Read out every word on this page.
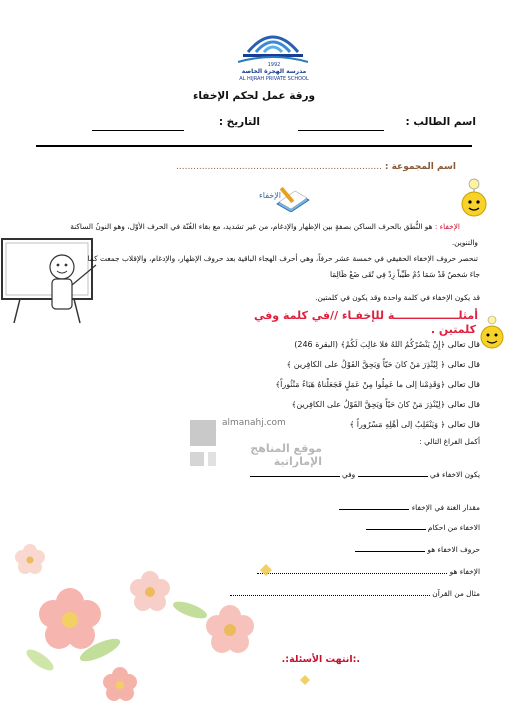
1992
مدرسة الهجرة الخاصة
AL HIJRAH PRIVATE SCHOOL
ورقة عمل لحكم الإخفاء
اسم الطالب :
التاريخ :
اسم المجموعة : ........................................................................
الإخفاء
الإخفاء : هو النُّطق بالحرف الساكن بصفةٍ بين الإظهار والإدغام، من غير تشديد، مع بقاء الغُنّة في الحرف الأوّل، وهو النونُ الساكنة
والتنوين.
تنحصر حروف الإخفاء الحقيقي في خمسة عشر حرفاً، وهي أحرف الهجاء الباقية بعد حروف الإظهار، والإدغام، والإقلاب جمعت كما
جاءَ شخصٌ قَدْ سَمَا دُمْ طَيِّباً زِدْ فِي تُقَى ضَعْ ظَالِمَا
قد يكون الإخفاء في كلمة واحدة وقد يكون في كلمتين.
أمثلـــــــــــــــــة للإخفـاء //في كلمة وفي
كلمتين .
قال تعالى ﴿إِنْ يَنْصُرْكُمُ اللهُ فلا غالِبَ لَكُمْ﴾ (البقرة 246)
قال تعالى ﴿ لِيُنْذِرَ مَنْ كانَ حَيّاً وَيَحِقَّ القَوْلُ على الكافِرين ﴾
قال تعالى ﴿وَقَدِمْنا إلى ما عَمِلُوا مِنْ عَمَلٍ فَجَعَلْناهُ هَبَاءً مَنْثُوراً﴾
قال تعالى ﴿لِيُنْذِرَ مَنْ كانَ حَيّاً وَيَحِقَّ القَوْلُ على الكافِرين﴾
قال تعالى ﴿ وَيَنْقَلِبُ إلى أهْلِهِ مَسْرُوراً ﴾
almanahj.com
موقع المناهج الإماراتية
أكمل الفراغ التالي :
يكون الاخفاء في  وفي
مقدار الغنة في الإخفاء
الاخفاء من احكام
حروف الاخفاء هو
الإخفاء هو
مثال من القرآن
.:انتهت الأسئلة:.
